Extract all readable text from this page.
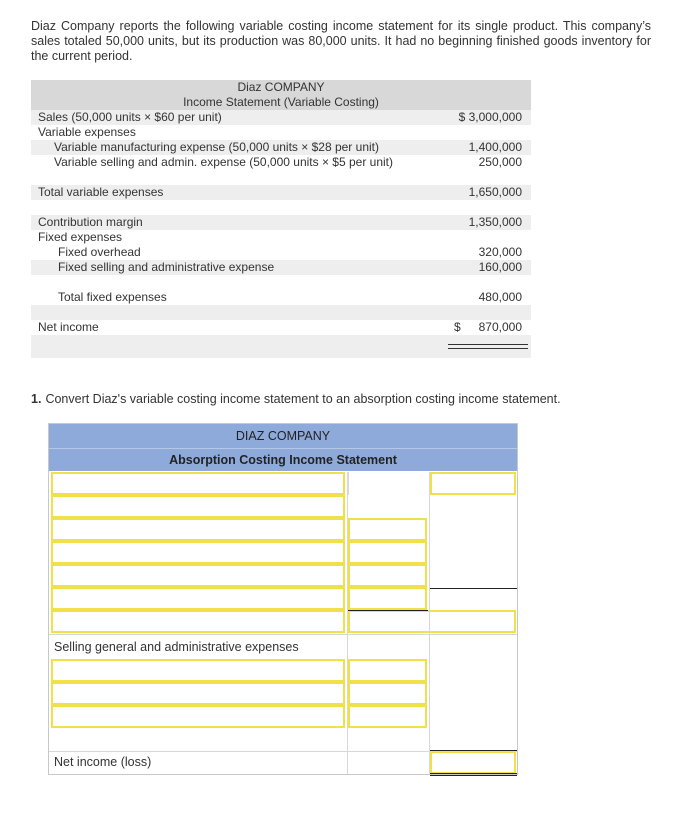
Diaz Company reports the following variable costing income statement for its single product. This company’s sales totaled 50,000 units, but its production was 80,000 units. It had no beginning finished goods inventory for the current period.

Diaz COMPANY
Income Statement (Variable Costing)
Sales (50,000 units × $60 per unit)	$ 3,000,000
Variable expenses
Variable manufacturing expense (50,000 units × $28 per unit)	1,400,000
Variable selling and admin. expense (50,000 units × $5 per unit)	250,000
Total variable expenses	1,650,000
Contribution margin	1,350,000
Fixed expenses
Fixed overhead	320,000
Fixed selling and administrative expense	160,000
Total fixed expenses	480,000
Net income	$ 870,000

1. Convert Diaz's variable costing income statement to an absorption costing income statement.

DIAZ COMPANY
Absorption Costing Income Statement
Selling general and administrative expenses
Net income (loss)
